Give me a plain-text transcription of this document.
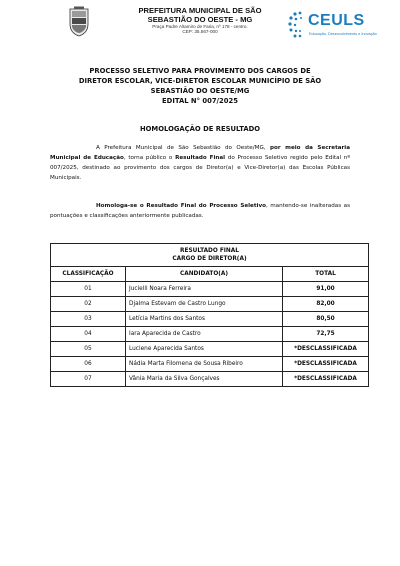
PREFEITURA MUNICIPAL DE SÃO
SEBASTIÃO DO OESTE - MG
Praça Padre Altamiro de Faria, nº 178 - centro.
CEP: 35.567-000
CEULS
Educação, Desenvolvimento e Inovação
PROCESSO SELETIVO PARA PROVIMENTO DOS CARGOS DE
DIRETOR ESCOLAR, VICE-DIRETOR ESCOLAR MUNICÍPIO DE SÃO
SEBASTIÃO DO OESTE/MG
EDITAL N° 007/2025
HOMOLOGAÇÃO DE RESULTADO
A Prefeitura Municipal de São Sebastião do Oeste/MG, por meio da Secretaria Municipal de Educação, torna público o Resultado Final do Processo Seletivo regido pelo Edital nº 007/2025, destinado ao provimento dos cargos de Diretor(a) e Vice-Diretor(a) das Escolas Públicas Municipais.
Homologa-se o Resultado Final do Processo Seletivo, mantendo-se inalteradas as pontuações e classificações anteriormente publicadas.
RESULTADO FINAL
CARGO DE DIRETOR(A)		

CLASSIFICAÇÃO	CANDIDATO(A)	TOTAL
01	Jucielli Noara Ferreira	91,00
02	Djalma Estevam de Castro Lungo	82,00
03	Letícia Martins dos Santos	80,50
04	Iara Aparecida de Castro	72,75
05	Luciene Aparecida Santos	*DESCLASSIFICADA
06	Nádia Marta Filomena de Sousa Ribeiro	*DESCLASSIFICADA
07	Vânia Maria da Silva Gonçalves	*DESCLASSIFICADA
